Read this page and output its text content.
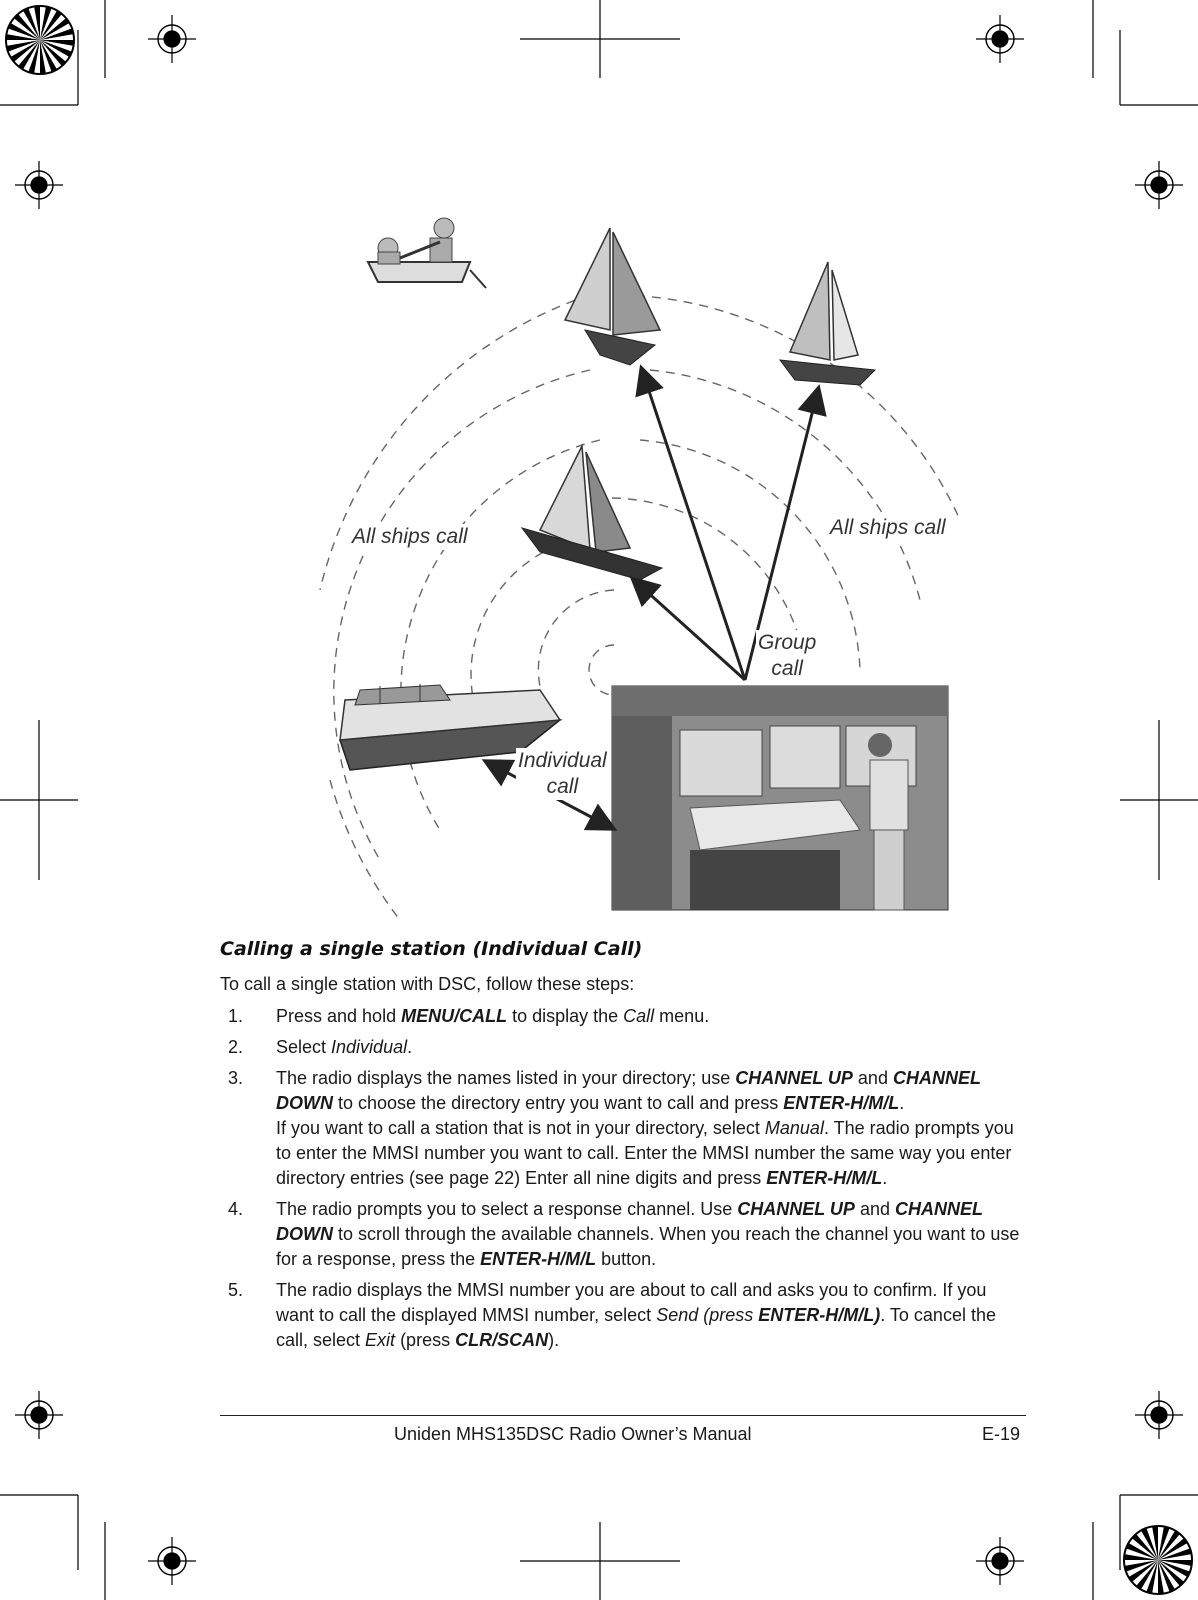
All ships call	All ships call
Group
call
Individual
call
Calling a single station (Individual Call)
To call a single station with DSC, follow these steps:
1. Press and hold MENU/CALL to display the Call menu.
2. Select Individual.
3. The radio displays the names listed in your directory; use CHANNEL UP and CHANNEL DOWN to choose the directory entry you want to call and press ENTER-H/M/L.
If you want to call a station that is not in your directory, select Manual. The radio prompts you to enter the MMSI number you want to call. Enter the MMSI number the same way you enter directory entries (see page 22) Enter all nine digits and press ENTER-H/M/L.
4. The radio prompts you to select a response channel. Use CHANNEL UP and CHANNEL DOWN to scroll through the available channels. When you reach the channel you want to use for a response, press the ENTER-H/M/L button.
5. The radio displays the MMSI number you are about to call and asks you to confirm. If you want to call the displayed MMSI number, select Send (press ENTER-H/M/L). To cancel the call, select Exit (press CLR/SCAN).
Uniden MHS135DSC Radio Owner’s Manual	E-19
